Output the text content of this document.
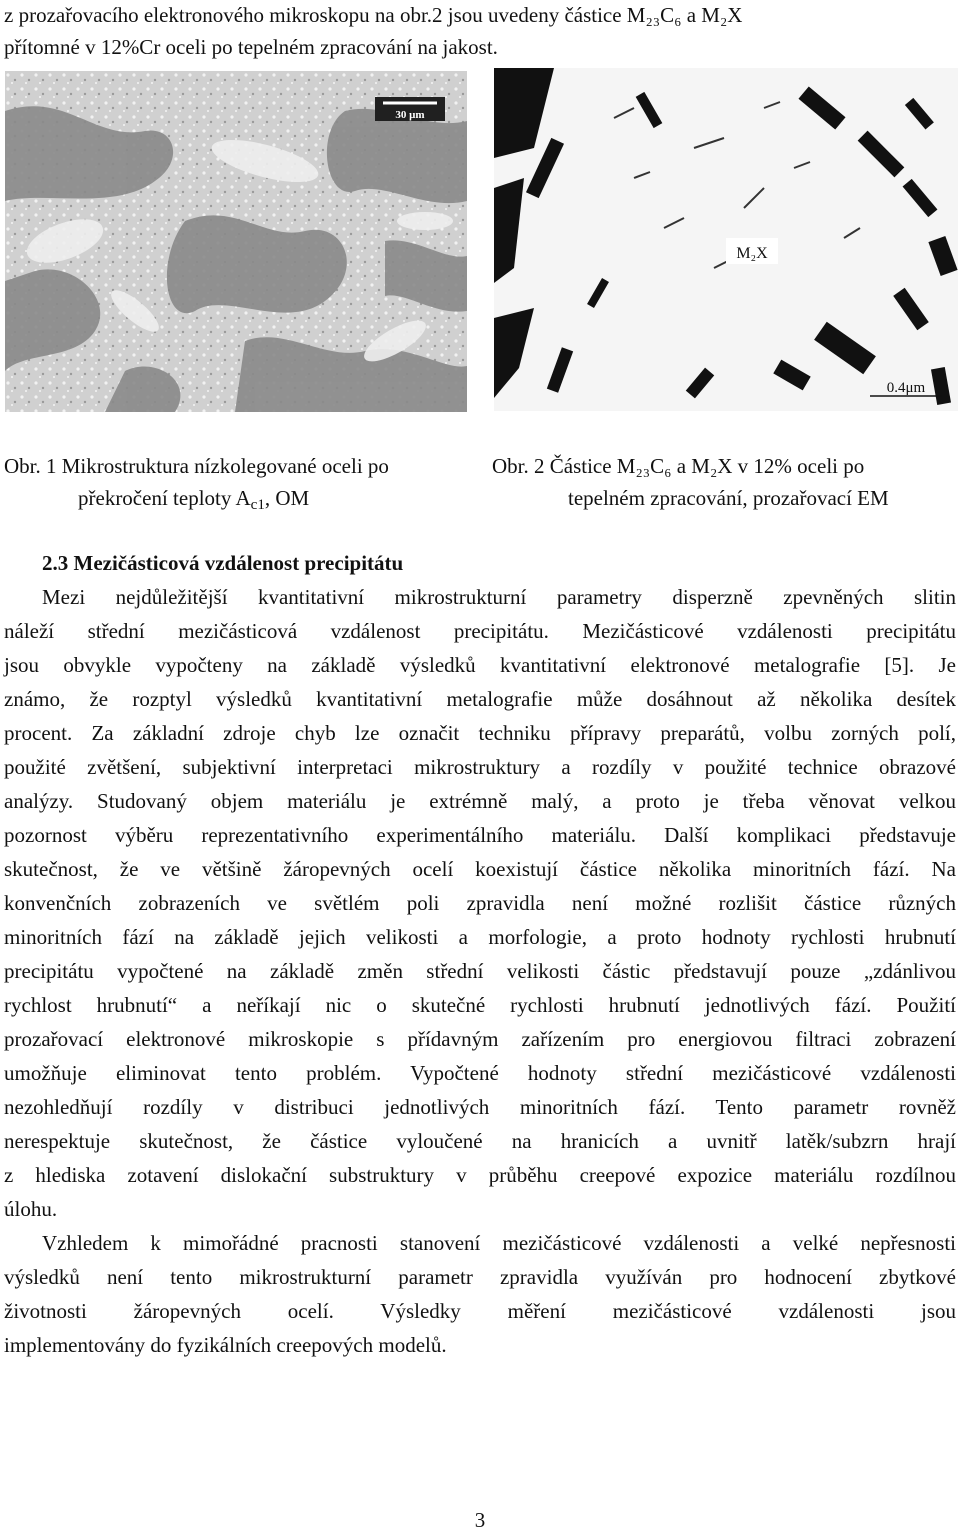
z prozařovacího elektronového mikroskopu na obr.2 jsou uvedeny částice M₂₃C₆ a M₂X
přítomné v 12%Cr oceli po tepelném zpracování na jakost.
30 μm
M₂X
0.4μm
Obr. 1 Mikrostruktura nízkolegované oceli po
překročení teploty $A_{c1}$, OM
Obr. 2 Částice M₂₃C₆ a M₂X v 12% oceli po
tepelném zpracování, prozařovací EM
2.3 Mezičásticová vzdálenost precipitátu
Mezi nejdůležitější kvantitativní mikrostrukturní parametry disperzně zpevněných slitin
náleží střední mezičásticová vzdálenost precipitátu. Mezičásticové vzdálenosti precipitátu
jsou obvykle vypočteny na základě výsledků kvantitativní elektronové metalografie [5]. Je
známo, že rozptyl výsledků kvantitativní metalografie může dosáhnout až několika desítek
procent. Za základní zdroje chyb lze označit techniku přípravy preparátů, volbu zorných polí,
použité zvětšení, subjektivní interpretaci mikrostruktury a rozdíly v použité technice obrazové
analýzy. Studovaný objem materiálu je extrémně malý, a proto je třeba věnovat velkou
pozornost výběru reprezentativního experimentálního materiálu. Další komplikaci představuje
skutečnost, že ve většině žáropevných ocelí koexistují částice několika minoritních fází. Na
konvenčních zobrazeních ve světlém poli zpravidla není možné rozlišit částice různých
minoritních fází na základě jejich velikosti a morfologie, a proto hodnoty rychlosti hrubnutí
precipitátu vypočtené na základě změn střední velikosti částic představují pouze „zdánlivou
rychlost hrubnutí“ a neříkají nic o skutečné rychlosti hrubnutí jednotlivých fází. Použití
prozařovací elektronové mikroskopie s přídavným zařízením pro energiovou filtraci zobrazení
umožňuje eliminovat tento problém. Vypočtené hodnoty střední mezičásticové vzdálenosti
nezohledňují rozdíly v distribuci jednotlivých minoritních fází. Tento parametr rovněž
nerespektuje skutečnost, že částice vyloučené na hranicích a uvnitř latěk/subzrn hrají
z hlediska zotavení dislokační substruktury v průběhu creepové expozice materiálu rozdílnou
úlohu.
Vzhledem k mimořádné pracnosti stanovení mezičásticové vzdálenosti a velké nepřesnosti
výsledků není tento mikrostrukturní parametr zpravidla využíván pro hodnocení zbytkové
životnosti žáropevných ocelí. Výsledky měření mezičásticové vzdálenosti jsou
implementovány do fyzikálních creepových modelů.
3
